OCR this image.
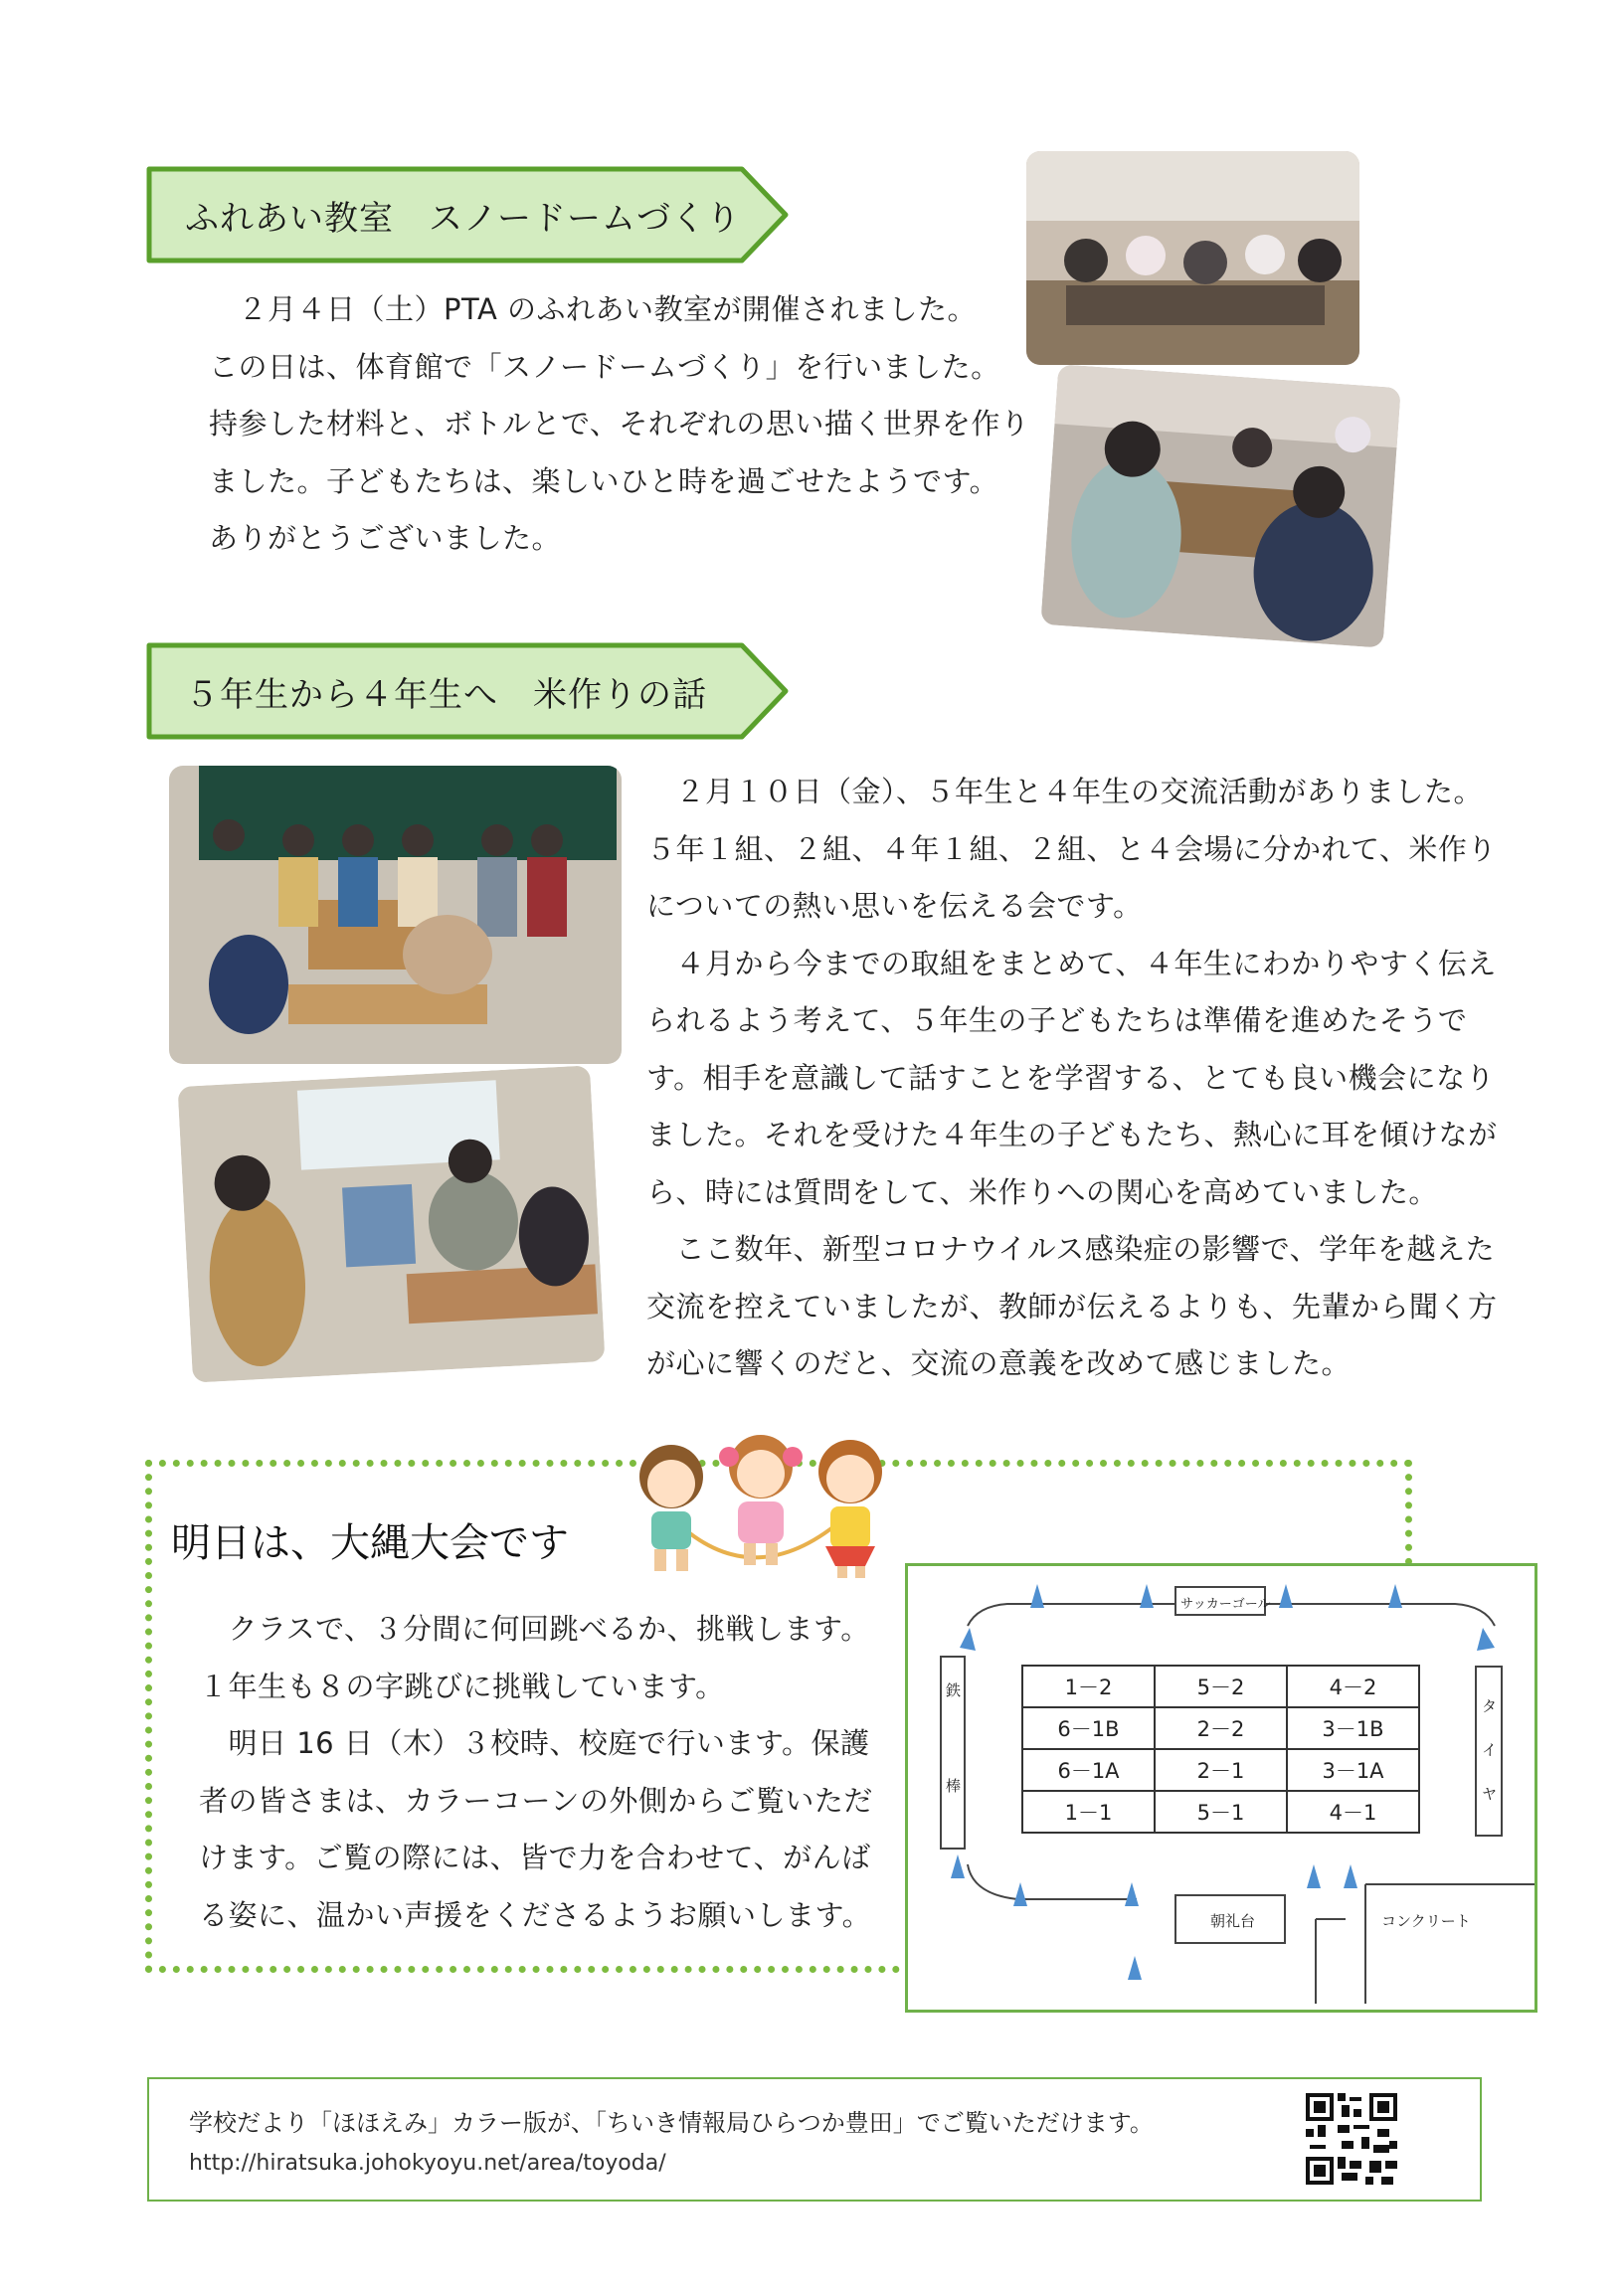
ふれあい教室　スノードームづくり

　２月４日（土）PTA のふれあい教室が開催されました。

この日は、体育館で「スノードームづくり」を行いました。

持参した材料と、ボトルとで、それぞれの思い描く世界を作り

ました。子どもたちは、楽しいひと時を過ごせたようです。

ありがとうございました。

５年生から４年生へ　米作りの話

　２月１０日（金）、５年生と４年生の交流活動がありました。

５年１組、２組、４年１組、２組、と４会場に分かれて、米作り

についての熱い思いを伝える会です。

　４月から今までの取組をまとめて、４年生にわかりやすく伝え

られるよう考えて、５年生の子どもたちは準備を進めたそうで

す。相手を意識して話すことを学習する、とても良い機会になり

ました。それを受けた４年生の子どもたち、熱心に耳を傾けなが

ら、時には質問をして、米作りへの関心を高めていました。

　ここ数年、新型コロナウイルス感染症の影響で、学年を越えた

交流を控えていましたが、教師が伝えるよりも、先輩から聞く方

が心に響くのだと、交流の意義を改めて感じました。

明日は、大縄大会です

　クラスで、３分間に何回跳べるか、挑戦します。

１年生も８の字跳びに挑戦しています。

　明日 16 日（木）３校時、校庭で行います。保護

者の皆さまは、カラーコーンの外側からご覧いただ

けます。ご覧の際には、皆で力を合わせて、がんば

る姿に、温かい声援をくださるようお願いします。

サッカーゴール
鉄
棒
タ
イ
ヤ
1－2	5－2	4－2
6－1B	2－2	3－1B
6－1A	2－1	3－1A
1－1	5－1	4－1
朝礼台	コンクリート
学校だより「ほほえみ」カラー版が、「ちいき情報局ひらつか豊田」でご覧いただけます。
http://hiratsuka.johokyoyu.net/area/toyoda/
